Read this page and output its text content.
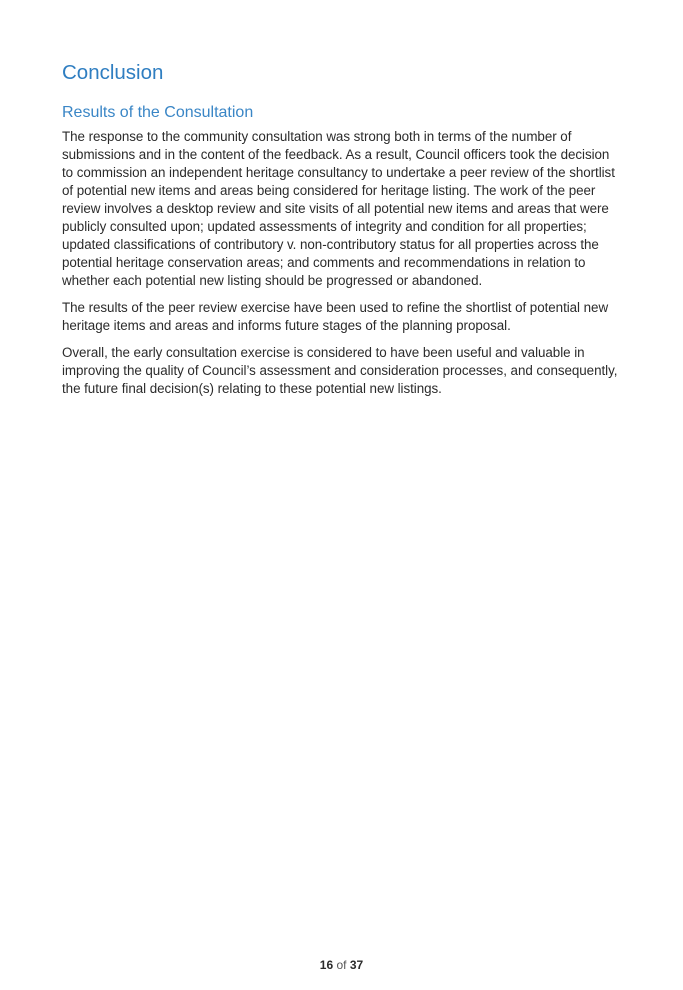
Conclusion
Results of the Consultation

The response to the community consultation was strong both in terms of the number of submissions and in the content of the feedback. As a result, Council officers took the decision to commission an independent heritage consultancy to undertake a peer review of the shortlist of potential new items and areas being considered for heritage listing. The work of the peer review involves a desktop review and site visits of all potential new items and areas that were publicly consulted upon; updated assessments of integrity and condition for all properties; updated classifications of contributory v. non-contributory status for all properties across the potential heritage conservation areas; and comments and recommendations in relation to whether each potential new listing should be progressed or abandoned.

The results of the peer review exercise have been used to refine the shortlist of potential new heritage items and areas and informs future stages of the planning proposal.

Overall, the early consultation exercise is considered to have been useful and valuable in improving the quality of Council’s assessment and consideration processes, and consequently, the future final decision(s) relating to these potential new listings.

16 of 37
